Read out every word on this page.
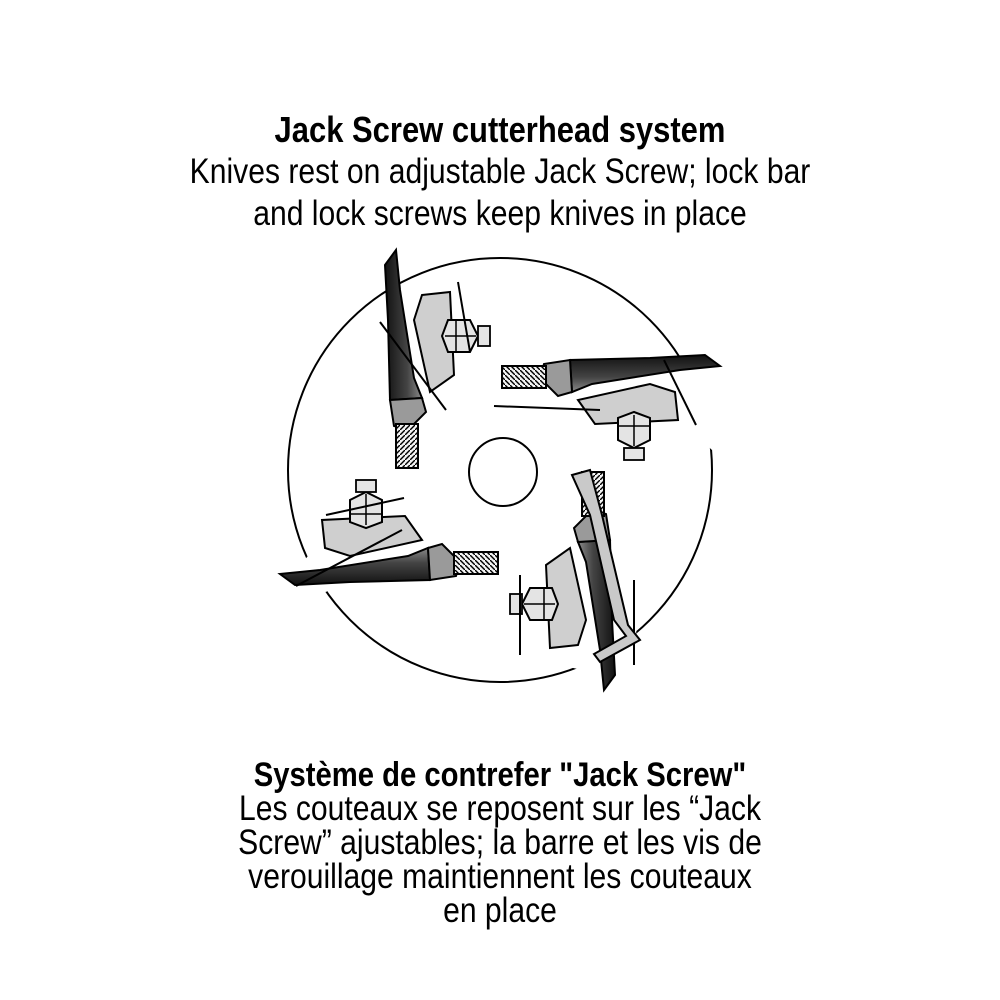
Jack Screw cutterhead system
Knives rest on adjustable Jack Screw; lock bar
and lock screws keep knives in place
Système de contrefer "Jack Screw"
Les couteaux se reposent sur les “Jack
Screw” ajustables; la barre et les vis de
verouillage maintiennent les couteaux
en place
